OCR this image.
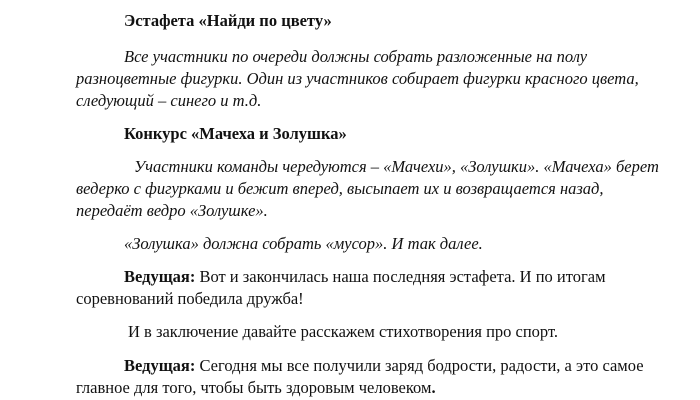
Эстафета «Найди по цвету»

Все участники по очереди должны собрать разложенные на полу разноцветные фигурки. Один из участников собирает фигурки красного цвета, следующий – синего и т.д.

Конкурс «Мачеха и Золушка»

Участники команды чередуются – «Мачехи», «Золушки». «Мачеха» берет ведерко с фигурками и бежит вперед, высыпает их и возвращается назад, передаёт ведро «Золушке».

«Золушка» должна собрать «мусор». И так далее.

Ведущая: Вот и закончилась наша последняя эстафета. И по итогам соревнований победила дружба!

И в заключение давайте расскажем стихотворения про спорт.

Ведущая: Сегодня мы все получили заряд бодрости, радости, а это самое главное для того, чтобы быть здоровым человеком.
